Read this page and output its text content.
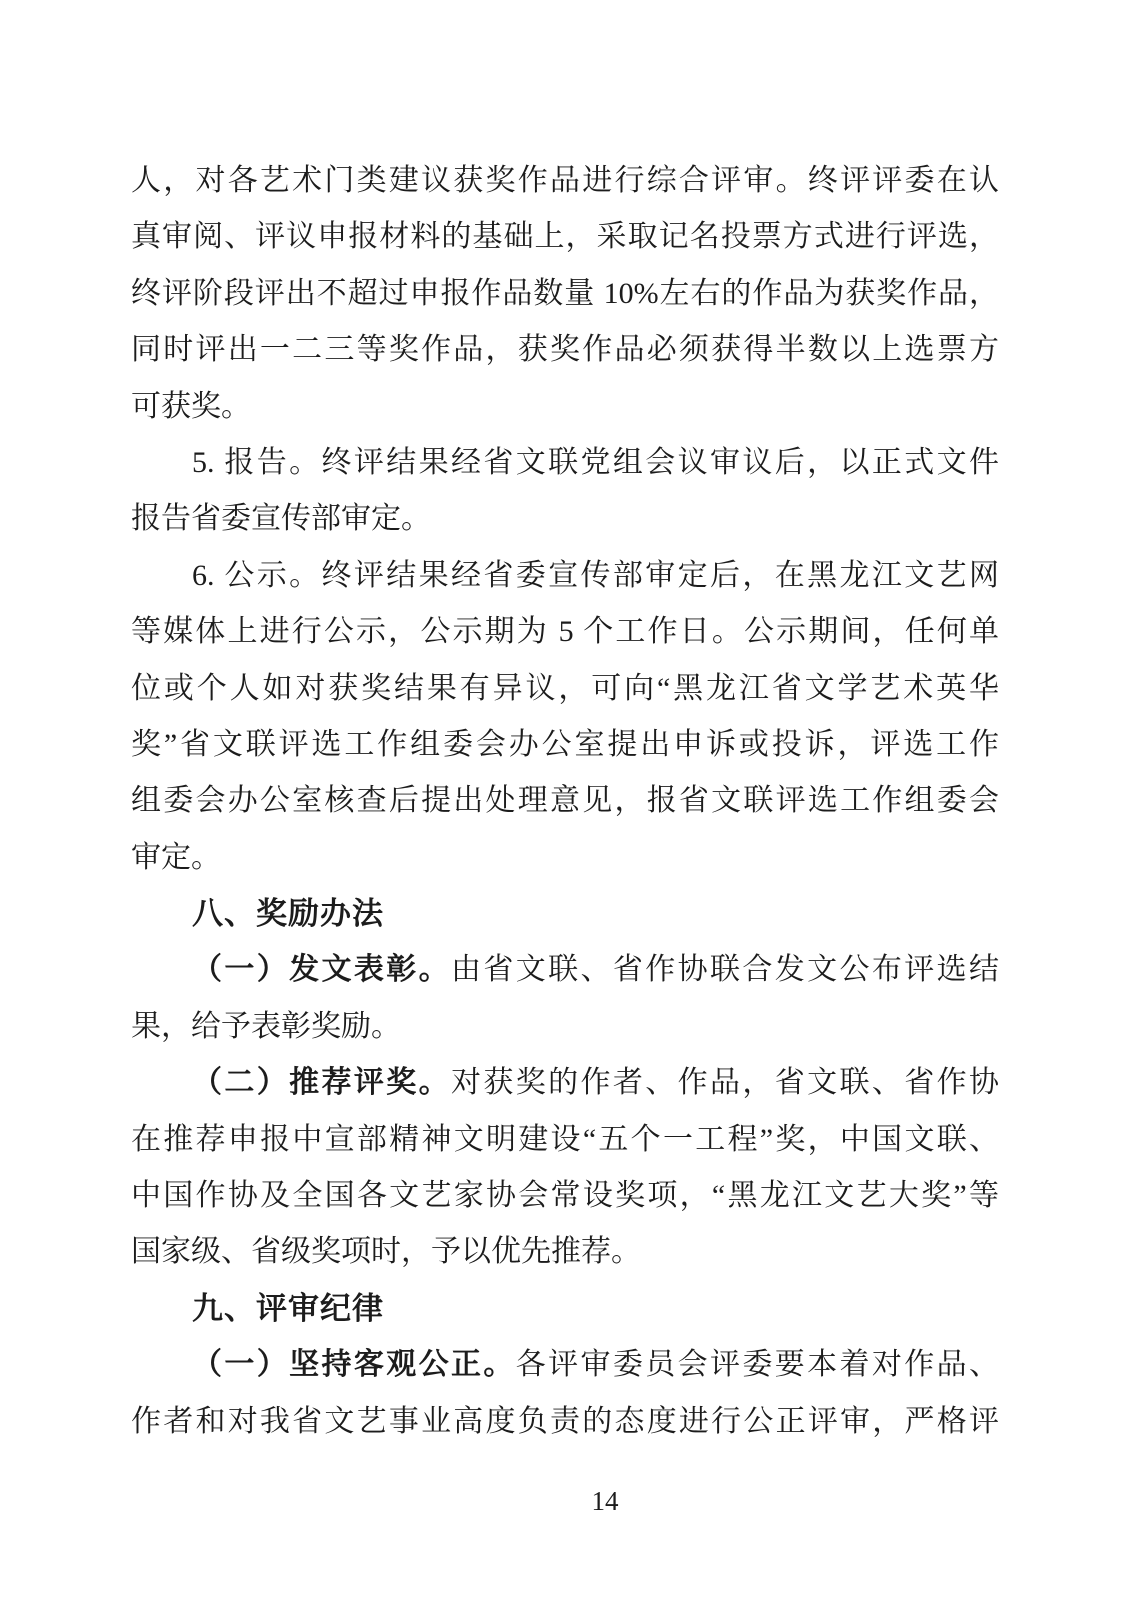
人，对各艺术门类建议获奖作品进行综合评审。终评评委在认
真审阅、评议申报材料的基础上，采取记名投票方式进行评选，
终评阶段评出不超过申报作品数量 10%左右的作品为获奖作品，
同时评出一二三等奖作品，获奖作品必须获得半数以上选票方
可获奖。
5. 报告。终评结果经省文联党组会议审议后，以正式文件
报告省委宣传部审定。
6. 公示。终评结果经省委宣传部审定后，在黑龙江文艺网
等媒体上进行公示，公示期为 5 个工作日。公示期间，任何单
位或个人如对获奖结果有异议，可向“黑龙江省文学艺术英华
奖”省文联评选工作组委会办公室提出申诉或投诉，评选工作
组委会办公室核查后提出处理意见，报省文联评选工作组委会
审定。
八、奖励办法
（一）发文表彰。由省文联、省作协联合发文公布评选结
果，给予表彰奖励。
（二）推荐评奖。对获奖的作者、作品，省文联、省作协
在推荐申报中宣部精神文明建设“五个一工程”奖，中国文联、
中国作协及全国各文艺家协会常设奖项，“黑龙江文艺大奖”等
国家级、省级奖项时，予以优先推荐。
九、评审纪律
（一）坚持客观公正。各评审委员会评委要本着对作品、
作者和对我省文艺事业高度负责的态度进行公正评审，严格评
14
